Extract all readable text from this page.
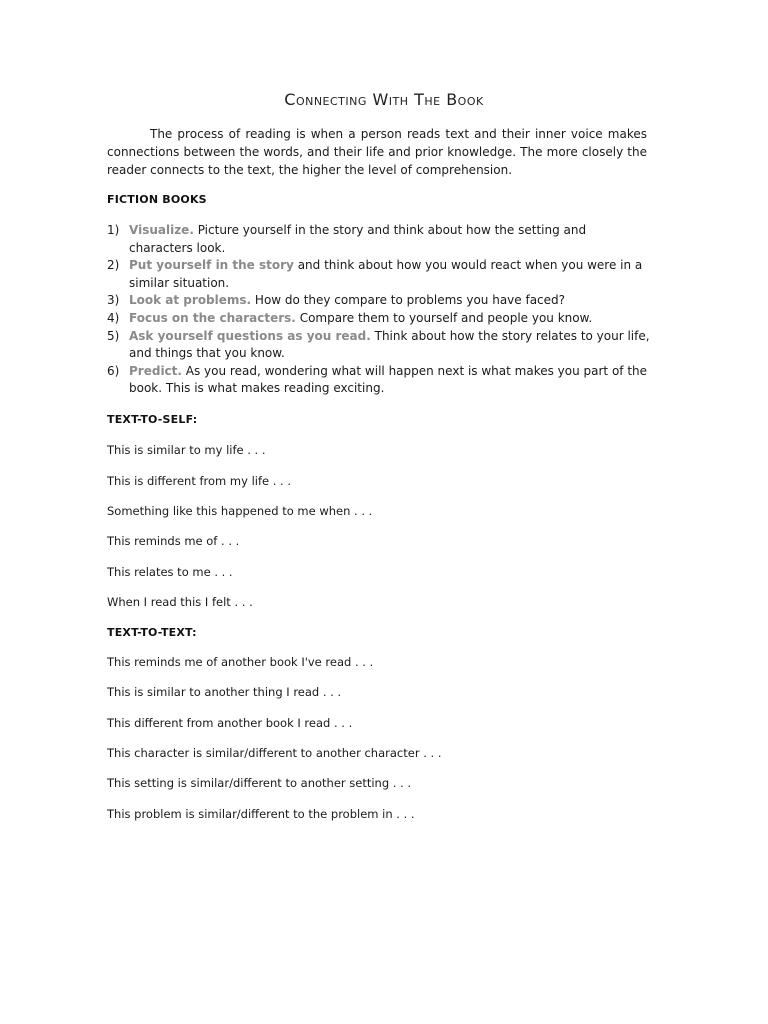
Connecting With The Book

The process of reading is when a person reads text and their inner voice makes connections between the words, and their life and prior knowledge. The more closely the reader connects to the text, the higher the level of comprehension.

FICTION BOOKS
1) Visualize. Picture yourself in the story and think about how the setting and characters look.
2) Put yourself in the story and think about how you would react when you were in a similar situation.
3) Look at problems. How do they compare to problems you have faced?
4) Focus on the characters. Compare them to yourself and people you know.
5) Ask yourself questions as you read. Think about how the story relates to your life, and things that you know.
6) Predict. As you read, wondering what will happen next is what makes you part of the book. This is what makes reading exciting.
TEXT-TO-SELF:
This is similar to my life . . .
This is different from my life . . .
Something like this happened to me when . . .
This reminds me of . . .
This relates to me . . .
When I read this I felt . . .
TEXT-TO-TEXT:
This reminds me of another book I've read . . .
This is similar to another thing I read . . .
This different from another book I read . . .
This character is similar/different to another character . . .
This setting is similar/different to another setting . . .
This problem is similar/different to the problem in . . .
